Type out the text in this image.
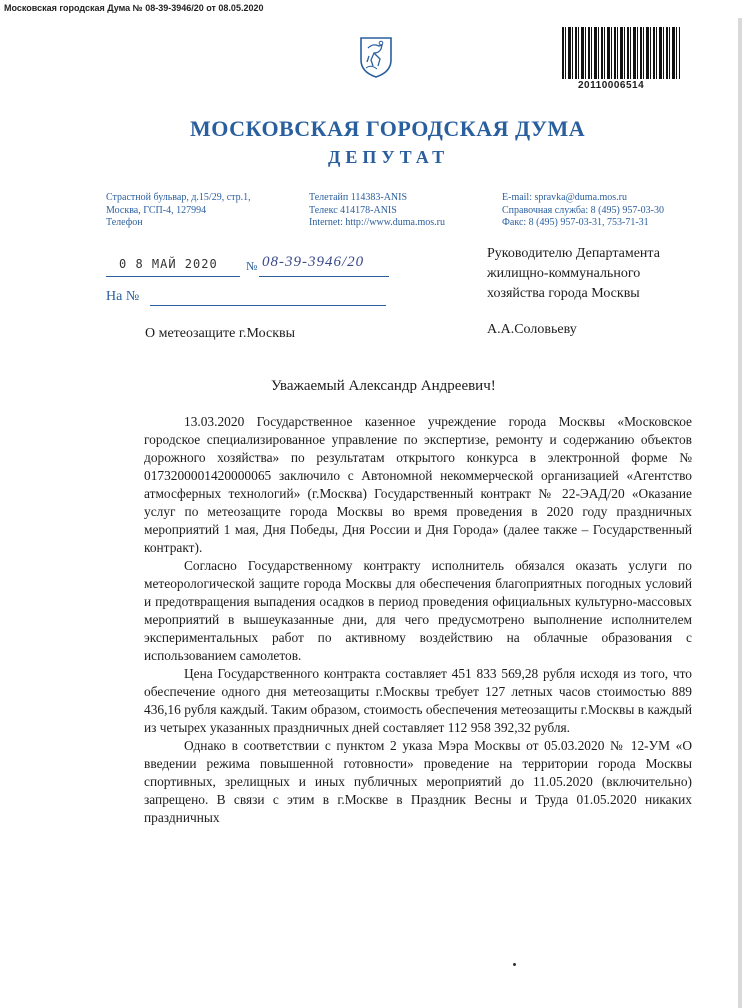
Московская городская Дума № 08-39-3946/20 от 08.05.2020
20110006514
МОСКОВСКАЯ ГОРОДСКАЯ ДУМА
ДЕПУТАТ
Страстной бульвар, д.15/29, стр.1,
Москва, ГСП-4, 127994
Телефон
Телетайп 114383-ANIS
Телекс 414178-ANIS
Internet: http://www.duma.mos.ru
E-mail: spravka@duma.mos.ru
Справочная служба: 8 (495) 957-03-30
Факс: 8 (495) 957-03-31, 753-71-31
0 8 МАЙ 2020 № 08-39-3946/20
На №
Руководителю Департамента
жилищно-коммунального
хозяйства города Москвы
А.А.Соловьеву
О метеозащите г.Москвы
Уважаемый Александр Андреевич!

13.03.2020 Государственное казенное учреждение города Москвы «Московское городское специализированное управление по экспертизе, ремонту и содержанию объектов дорожного хозяйства» по результатам открытого конкурса в электронной форме № 0173200001420000065 заключило с Автономной некоммерческой организацией «Агентство атмосферных технологий» (г.Москва) Государственный контракт № 22-ЭАД/20 «Оказание услуг по метеозащите города Москвы во время проведения в 2020 году праздничных мероприятий 1 мая, Дня Победы, Дня России и Дня Города» (далее также – Государственный контракт).

Согласно Государственному контракту исполнитель обязался оказать услуги по метеорологической защите города Москвы для обеспечения благоприятных погодных условий и предотвращения выпадения осадков в период проведения официальных культурно-массовых мероприятий в вышеуказанные дни, для чего предусмотрено выполнение исполнителем экспериментальных работ по активному воздействию на облачные образования с использованием самолетов.

Цена Государственного контракта составляет 451 833 569,28 рубля исходя из того, что обеспечение одного дня метеозащиты г.Москвы требует 127 летных часов стоимостью 889 436,16 рубля каждый. Таким образом, стоимость обеспечения метеозащиты г.Москвы в каждый из четырех указанных праздничных дней составляет 112 958 392,32 рубля.

Однако в соответствии с пунктом 2 указа Мэра Москвы от 05.03.2020 № 12-УМ «О введении режима повышенной готовности» проведение на территории города Москвы спортивных, зрелищных и иных публичных мероприятий до 11.05.2020 (включительно) запрещено. В связи с этим в г.Москве в Праздник Весны и Труда 01.05.2020 никаких праздничных
